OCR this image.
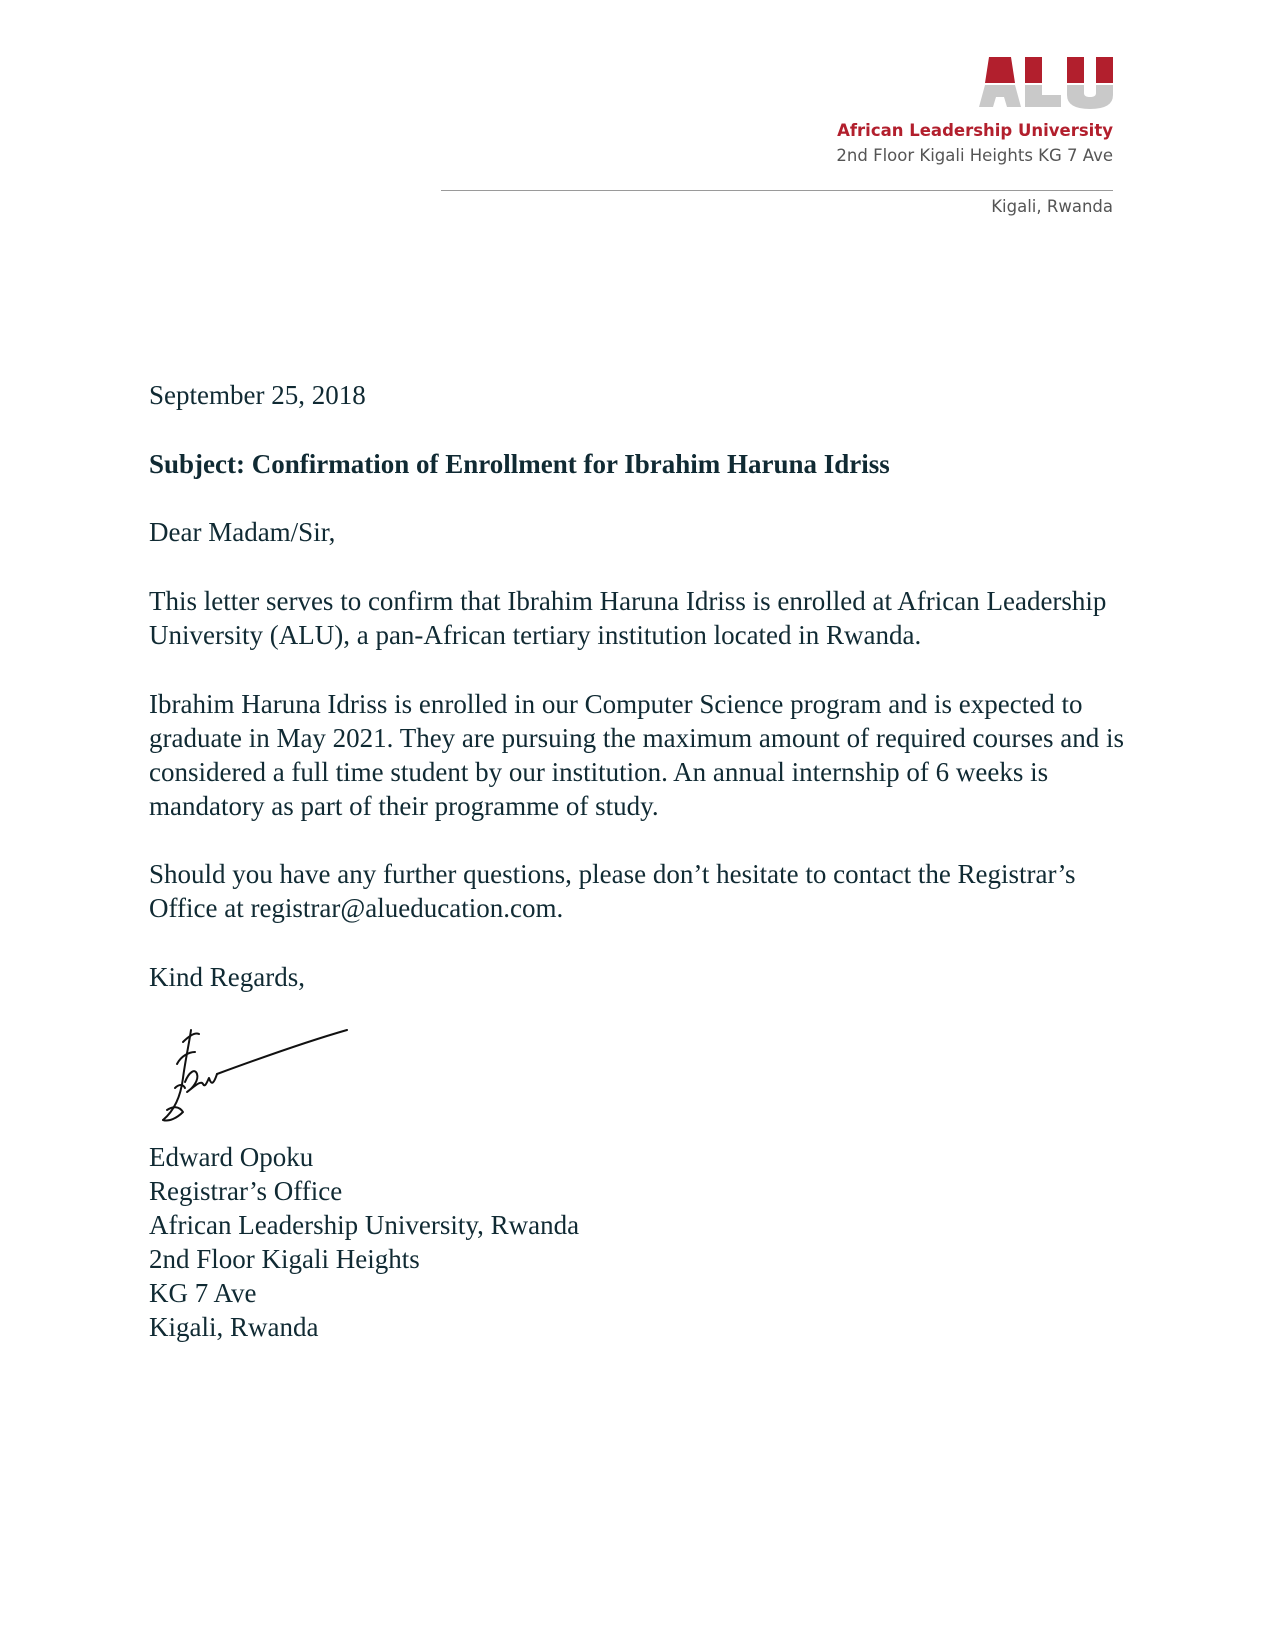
African Leadership University
2nd Floor Kigali Heights KG 7 Ave
Kigali, Rwanda
September 25, 2018
Subject: Confirmation of Enrollment for Ibrahim Haruna Idriss
Dear Madam/Sir,
This letter serves to confirm that Ibrahim Haruna Idriss is enrolled at African Leadership University (ALU), a pan-African tertiary institution located in Rwanda.
Ibrahim Haruna Idriss is enrolled in our Computer Science program and is expected to graduate in May 2021. They are pursuing the maximum amount of required courses and is considered a full time student by our institution. An annual internship of 6 weeks is mandatory as part of their programme of study.
Should you have any further questions, please don’t hesitate to contact the Registrar’s Office at registrar@alueducation.com.
Kind Regards,
Edward Opoku
Registrar’s Office
African Leadership University, Rwanda
2nd Floor Kigali Heights
KG 7 Ave
Kigali, Rwanda
